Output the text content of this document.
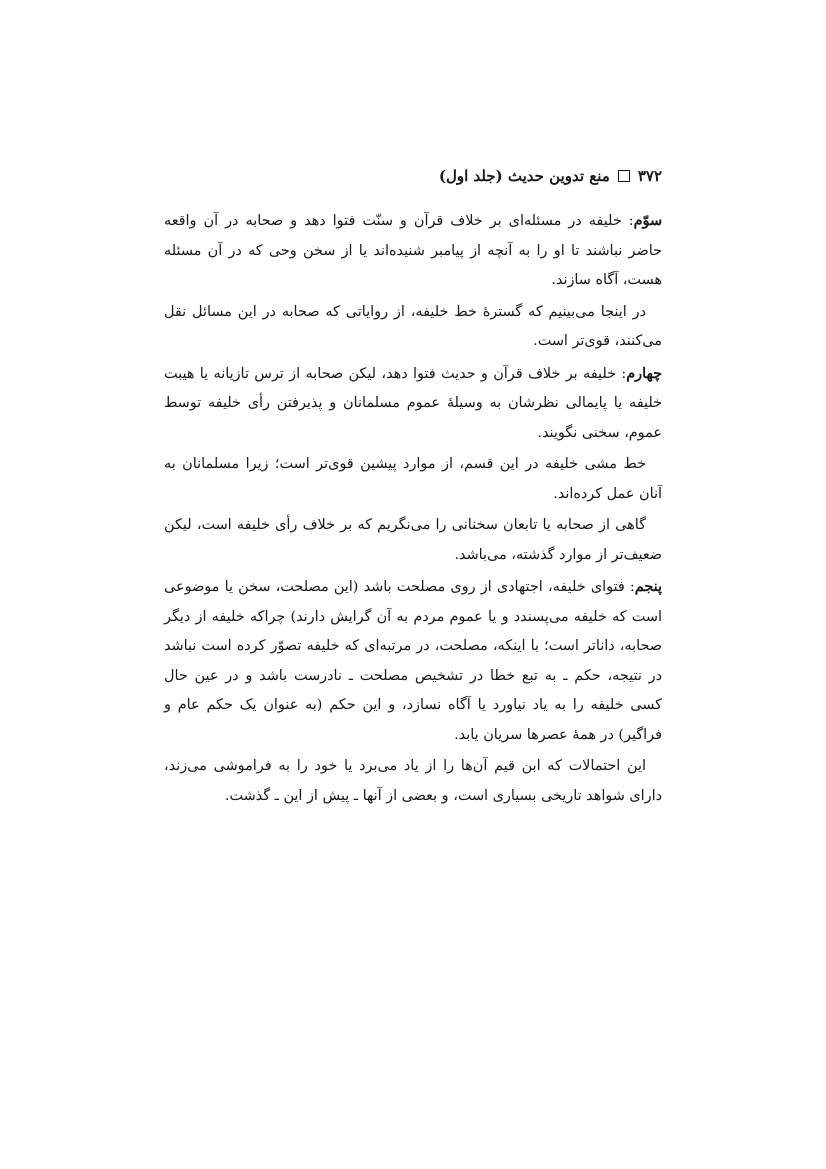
۳۷۲
منع تدوین حدیث (جلد اول)

سوّم: خلیفه در مسئله‌ای بر خلاف قرآن و سنّت فتوا دهد و صحابه در آن واقعه حاضر نباشند تا او را به آنچه از پیامبر شنیده‌اند یا از سخن وحی که در آن مسئله هست، آگاه سازند.

در اینجا می‌بینیم که گسترهٔ خط خلیفه، از روایاتی که صحابه در این مسائل نقل می‌کنند، قوی‌تر است.

چهارم: خلیفه بر خلاف قرآن و حدیث فتوا دهد، لیکن صحابه از ترس تازیانه یا هیبت خلیفه یا پایمالی نظرشان به وسیلهٔ عموم مسلمانان و پذیرفتن رأی خلیفه توسط عموم، سخنی نگویند.

خط مشی خلیفه در این قسم، از موارد پیشین قوی‌تر است؛ زیرا مسلمانان به آنان عمل کرده‌اند.

گاهی از صحابه یا تابعان سخنانی را می‌نگریم که بر خلاف رأی خلیفه است، لیکن ضعیف‌تر از موارد گذشته، می‌باشد.

پنجم: فتوای خلیفه، اجتهادی از روی مصلحت باشد (این مصلحت، سخن یا موضوعی است که خلیفه می‌پسندد و یا عموم مردم به آن گرایش دارند) چراکه خلیفه از دیگر صحابه، داناتر است؛ با اینکه، مصلحت، در مرتبه‌ای که خلیفه تصوّر کرده است نباشد در نتیجه، حکم ـ به تبع خطا در تشخیص مصلحت ـ نادرست باشد و در عین حال کسی خلیفه را به یاد نیاورد یا آگاه نسازد، و این حکم (به عنوان یک حکم عام و فراگیر) در همهٔ عصرها سریان یابد.

این احتمالات که ابن قیم آن‌ها را از یاد می‌برد یا خود را به فراموشی می‌زند، دارای شواهد تاریخی بسیاری است، و بعضی از آنها ـ پیش از این ـ گذشت.
